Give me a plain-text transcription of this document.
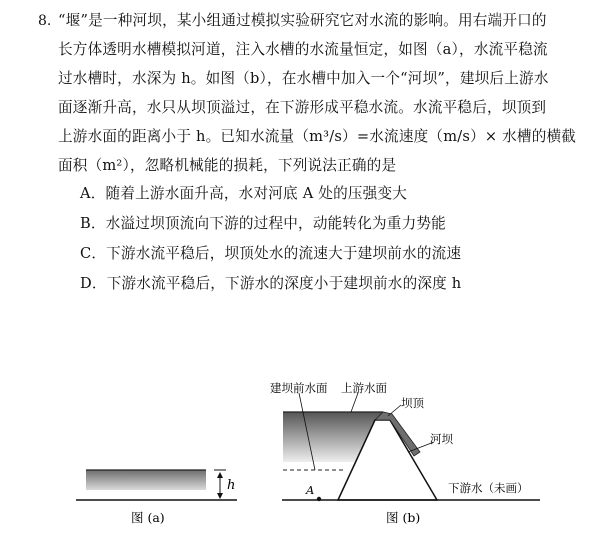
8. “堰”是一种河坝，某小组通过模拟实验研究它对水流的影响。用右端开口的
长方体透明水槽模拟河道，注入水槽的水流量恒定，如图（a），水流平稳流
过水槽时，水深为 h。如图（b），在水槽中加入一个“河坝”，建坝后上游水
面逐渐升高，水只从坝顶溢过，在下游形成平稳水流。水流平稳后，坝顶到
上游水面的距离小于 h。已知水流量（m³/s）=水流速度（m/s）× 水槽的横截
面积（m²），忽略机械能的损耗，下列说法正确的是
A．随着上游水面升高，水对河底 A 处的压强变大
B．水溢过坝顶流向下游的过程中，动能转化为重力势能
C．下游水流平稳后，坝顶处水的流速大于建坝前水的流速
D．下游水流平稳后，下游水的深度小于建坝前水的深度 h
h
图 (a)
A
建坝前水面 上游水面
坝顶
河坝
下游水（未画）
图 (b)
